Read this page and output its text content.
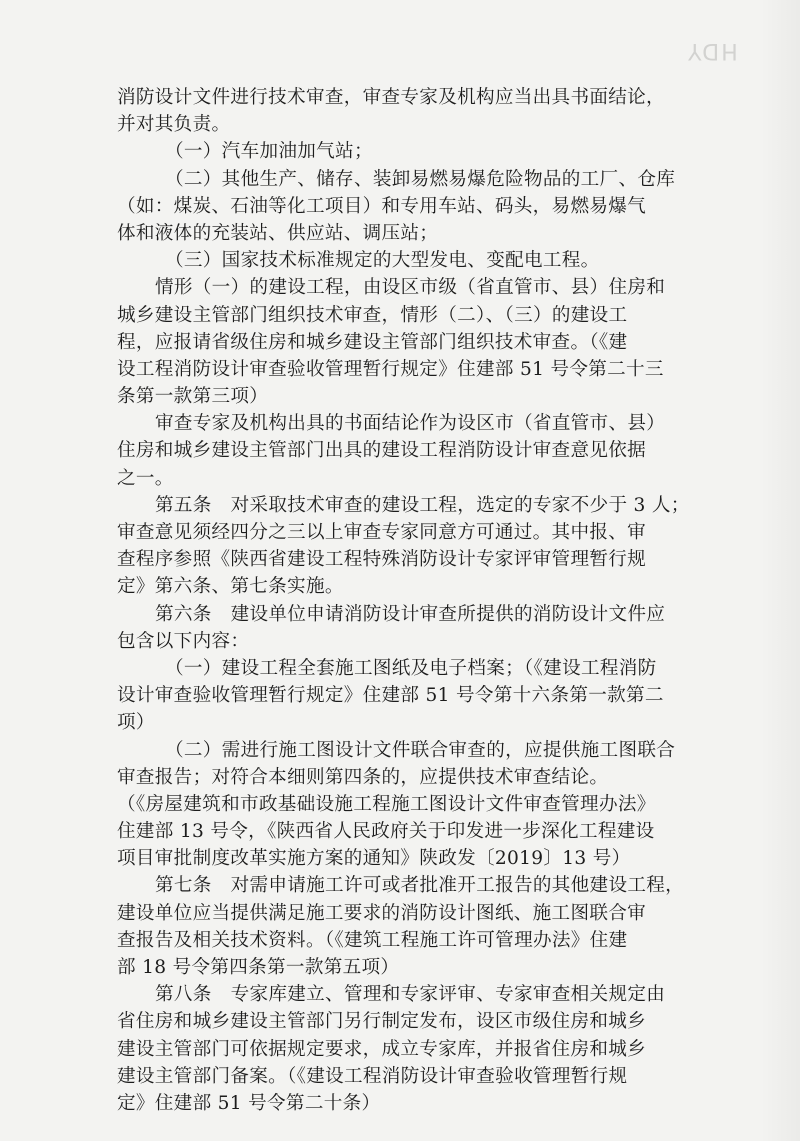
HDY
消防设计文件进行技术审查，审查专家及机构应当出具书面结论，
并对其负责。
（一）汽车加油加气站；
（二）其他生产、储存、装卸易燃易爆危险物品的工厂、仓库
（如：煤炭、石油等化工项目）和专用车站、码头，易燃易爆气
体和液体的充装站、供应站、调压站；
（三）国家技术标准规定的大型发电、变配电工程。
情形（一）的建设工程，由设区市级（省直管市、县）住房和
城乡建设主管部门组织技术审查，情形（二）、（三）的建设工
程，应报请省级住房和城乡建设主管部门组织技术审查。（《建
设工程消防设计审查验收管理暂行规定》住建部 51 号令第二十三
条第一款第三项）
审查专家及机构出具的书面结论作为设区市（省直管市、县）
住房和城乡建设主管部门出具的建设工程消防设计审查意见依据
之一。
第五条　对采取技术审查的建设工程，选定的专家不少于 3 人；
审查意见须经四分之三以上审查专家同意方可通过。其中报、审
查程序参照《陕西省建设工程特殊消防设计专家评审管理暂行规
定》第六条、第七条实施。
第六条　建设单位申请消防设计审查所提供的消防设计文件应
包含以下内容：
（一）建设工程全套施工图纸及电子档案；（《建设工程消防
设计审查验收管理暂行规定》住建部 51 号令第十六条第一款第二
项）
（二）需进行施工图设计文件联合审查的，应提供施工图联合
审查报告；对符合本细则第四条的，应提供技术审查结论。
（《房屋建筑和市政基础设施工程施工图设计文件审查管理办法》
住建部 13 号令，《陕西省人民政府关于印发进一步深化工程建设
项目审批制度改革实施方案的通知》陕政发〔2019〕13 号）
第七条　对需申请施工许可或者批准开工报告的其他建设工程，
建设单位应当提供满足施工要求的消防设计图纸、施工图联合审
查报告及相关技术资料。（《建筑工程施工许可管理办法》住建
部 18 号令第四条第一款第五项）
第八条　专家库建立、管理和专家评审、专家审查相关规定由
省住房和城乡建设主管部门另行制定发布，设区市级住房和城乡
建设主管部门可依据规定要求，成立专家库，并报省住房和城乡
建设主管部门备案。（《建设工程消防设计审查验收管理暂行规
定》住建部 51 号令第二十条）
